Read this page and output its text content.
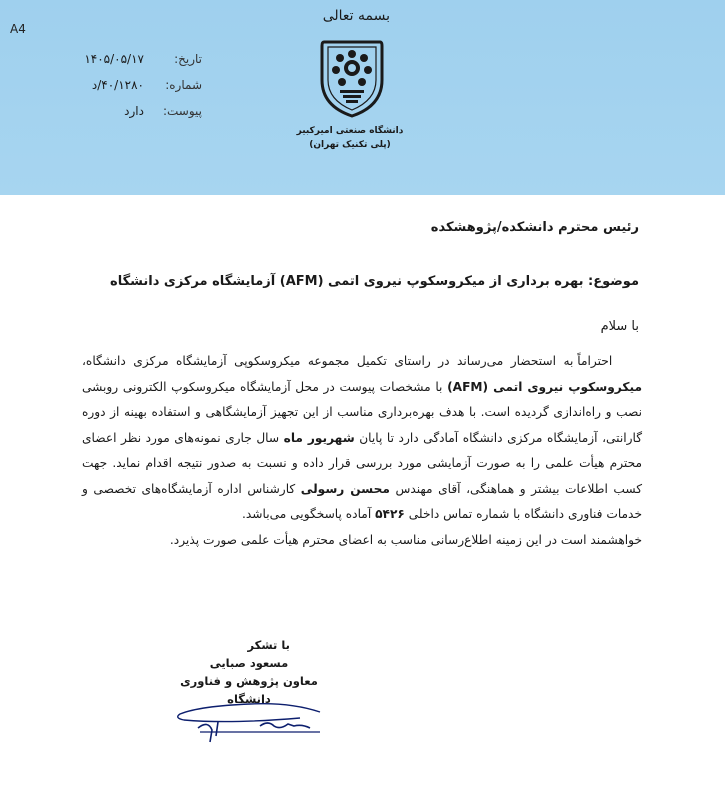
A4
بسمه تعالی
دانشگاه صنعتی امیرکبیر
(پلی تکنیک تهران)
تاریخ:
شماره:
پیوست:
۱۴۰۵/۰۵/۱۷
۴۰/۱۲۸۰/د
دارد
رئیس محترم دانشکده/پژوهشکده
موضوع: بهره برداری از میکروسکوپ نیروی اتمی (AFM) آزمایشگاه مرکزی دانشگاه
با سلام

احتراماً به استحضار می‌رساند در راستای تکمیل مجموعه میکروسکوپی آزمایشگاه مرکزی دانشگاه، میکروسکوپ نیروی اتمی (AFM) با مشخصات پیوست در محل آزمایشگاه میکروسکوپ الکترونی روبشی نصب و راه‌اندازی گردیده است. با هدف بهره‌برداری مناسب از این تجهیز آزمایشگاهی و استفاده بهینه از دوره گارانتی، آزمایشگاه مرکزی دانشگاه آمادگی دارد تا پایان شهریور ماه سال جاری نمونه‌های مورد نظر اعضای محترم هیأت علمی را به صورت آزمایشی مورد بررسی قرار داده و نسبت به صدور نتیجه اقدام نماید. جهت کسب اطلاعات بیشتر و هماهنگی، آقای مهندس محسن رسولی کارشناس اداره آزمایشگاه‌های تخصصی و خدمات فناوری دانشگاه با شماره تماس داخلی ۵۴۲۶ آماده پاسخگویی می‌باشد.

خواهشمند است در این زمینه اطلاع‌رسانی مناسب به اعضای محترم هیأت علمی صورت پذیرد.

با تشکر
مسعود صبایی
معاون پژوهش و فناوری دانشگاه
